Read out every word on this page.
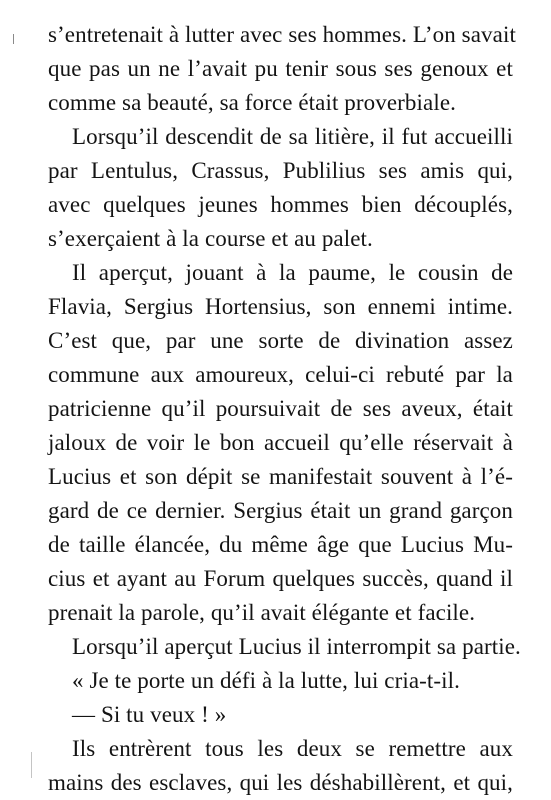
s’entretenait à lutter avec ses hommes. L’on savait
que pas un ne l’avait pu tenir sous ses genoux et
comme sa beauté, sa force était proverbiale.
Lorsqu’il descendit de sa litière, il fut accueilli
par Lentulus, Crassus, Publilius ses amis qui,
avec quelques jeunes hommes bien découplés,
s’exerçaient à la course et au palet.
Il aperçut, jouant à la paume, le cousin de
Flavia, Sergius Hortensius, son ennemi intime.
C’est que, par une sorte de divination assez
commune aux amoureux, celui-ci rebuté par la
patricienne qu’il poursuivait de ses aveux, était
jaloux de voir le bon accueil qu’elle réservait à
Lucius et son dépit se manifestait souvent à l’é-
gard de ce dernier. Sergius était un grand garçon
de taille élancée, du même âge que Lucius Mu-
cius et ayant au Forum quelques succès, quand il
prenait la parole, qu’il avait élégante et facile.
Lorsqu’il aperçut Lucius il interrompit sa partie.
« Je te porte un défi à la lutte, lui cria-t-il.
— Si tu veux ! »
Ils entrèrent tous les deux se remettre aux
mains des esclaves, qui les déshabillèrent, et qui,
